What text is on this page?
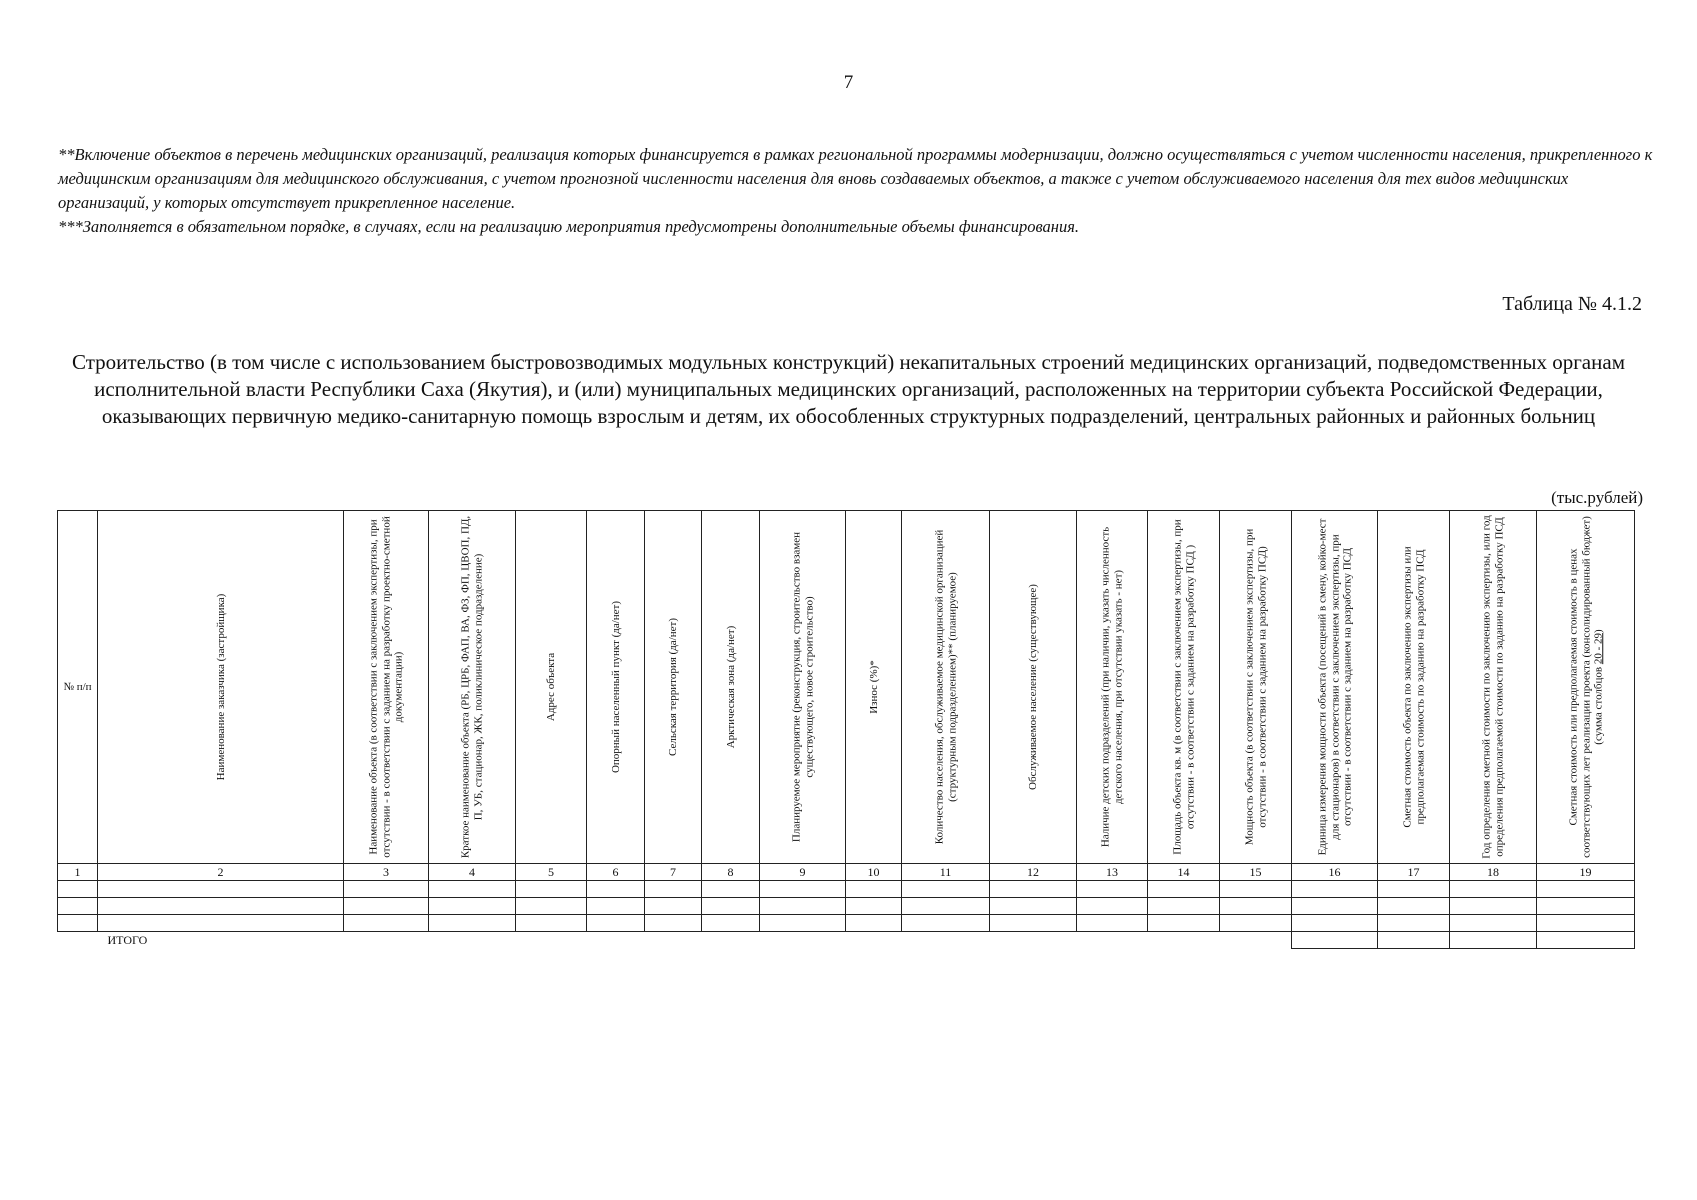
7

**Включение объектов в перечень медицинских организаций, реализация которых финансируется в рамках региональной программы модернизации, должно осуществляться с учетом численности населения, прикрепленного к медицинским организациям для медицинского обслуживания, с учетом прогнозной численности населения для вновь создаваемых объектов, а также с учетом обслуживаемого населения для тех видов медицинских организаций, у которых отсутствует прикрепленное население.

***Заполняется в обязательном порядке, в случаях, если на реализацию мероприятия предусмотрены дополнительные объемы финансирования.

Таблица № 4.1.2
Строительство (в том числе с использованием быстровозводимых модульных конструкций) некапитальных строений медицинских организаций, подведомственных органам исполнительной власти Республики Саха (Якутия), и (или) муниципальных медицинских организаций, расположенных на территории субъекта Российской Федерации, оказывающих первичную медико-санитарную помощь взрослым и детям, их обособленных структурных подразделений, центральных районных и районных больниц
(тыс.рублей)
№ п/п	Наименование заказчика (застройщика)	Наименование объекта (в соответствии с заключением экспертизы, при отсутствии - в соответствии с заданием на разработку проектно-сметной документации)	Краткое наименование объекта (РБ, ЦРБ, ФАП, ВА, ФЗ, ФП, ЦВОП, ПД, П, УБ, стационар, ЖК, поликлиническое подразделение)	Адрес объекта	Опорный населенный пункт (да/нет)	Сельская территория (да/нет)	Арктическая зона (да/нет)	Планируемое мероприятие (реконструкция, строительство взамен существующего, новое строительство)	Износ (%)*	Количество населения, обслуживаемое медицинской организацией (структурным подразделением)** (планируемое)	Обслуживаемое население (существующее)	Наличие детских подразделений (при наличии, указать численность детского населения, при отсутствии указать - нет)	Площадь объекта кв. м (в соответствии с заключением экспертизы, при отсутствии - в соответствии с заданием на разработку ПСД )	Мощность объекта (в соответствии с заключением экспертизы, при отсутствии - в соответствии с заданием на разработку ПСД)	Единица измерения мощности объекта (посещений в смену, койко-мест для стационаров) в соответствии с заключением экспертизы, при отсутствии - в соответствии с заданием на разработку ПСД	Сметная стоимость объекта по заключению экспертизы или предполагаемая стоимость по заданию на разработку ПСД	Год определения сметной стоимости по заключению экспертизы, или год определения предполагаемой стоимости по заданию на разработку ПСД	Сметная стоимость или предполагаемая стоимость в ценах соответствующих лет реализации проекта (консолидированный бюджет) (сумма столбцов 20 - 29)

1	2	3	4	5	6	7	8	9	10	11	12	13	14	15	16	17	18	19

	ИТОГО																	
